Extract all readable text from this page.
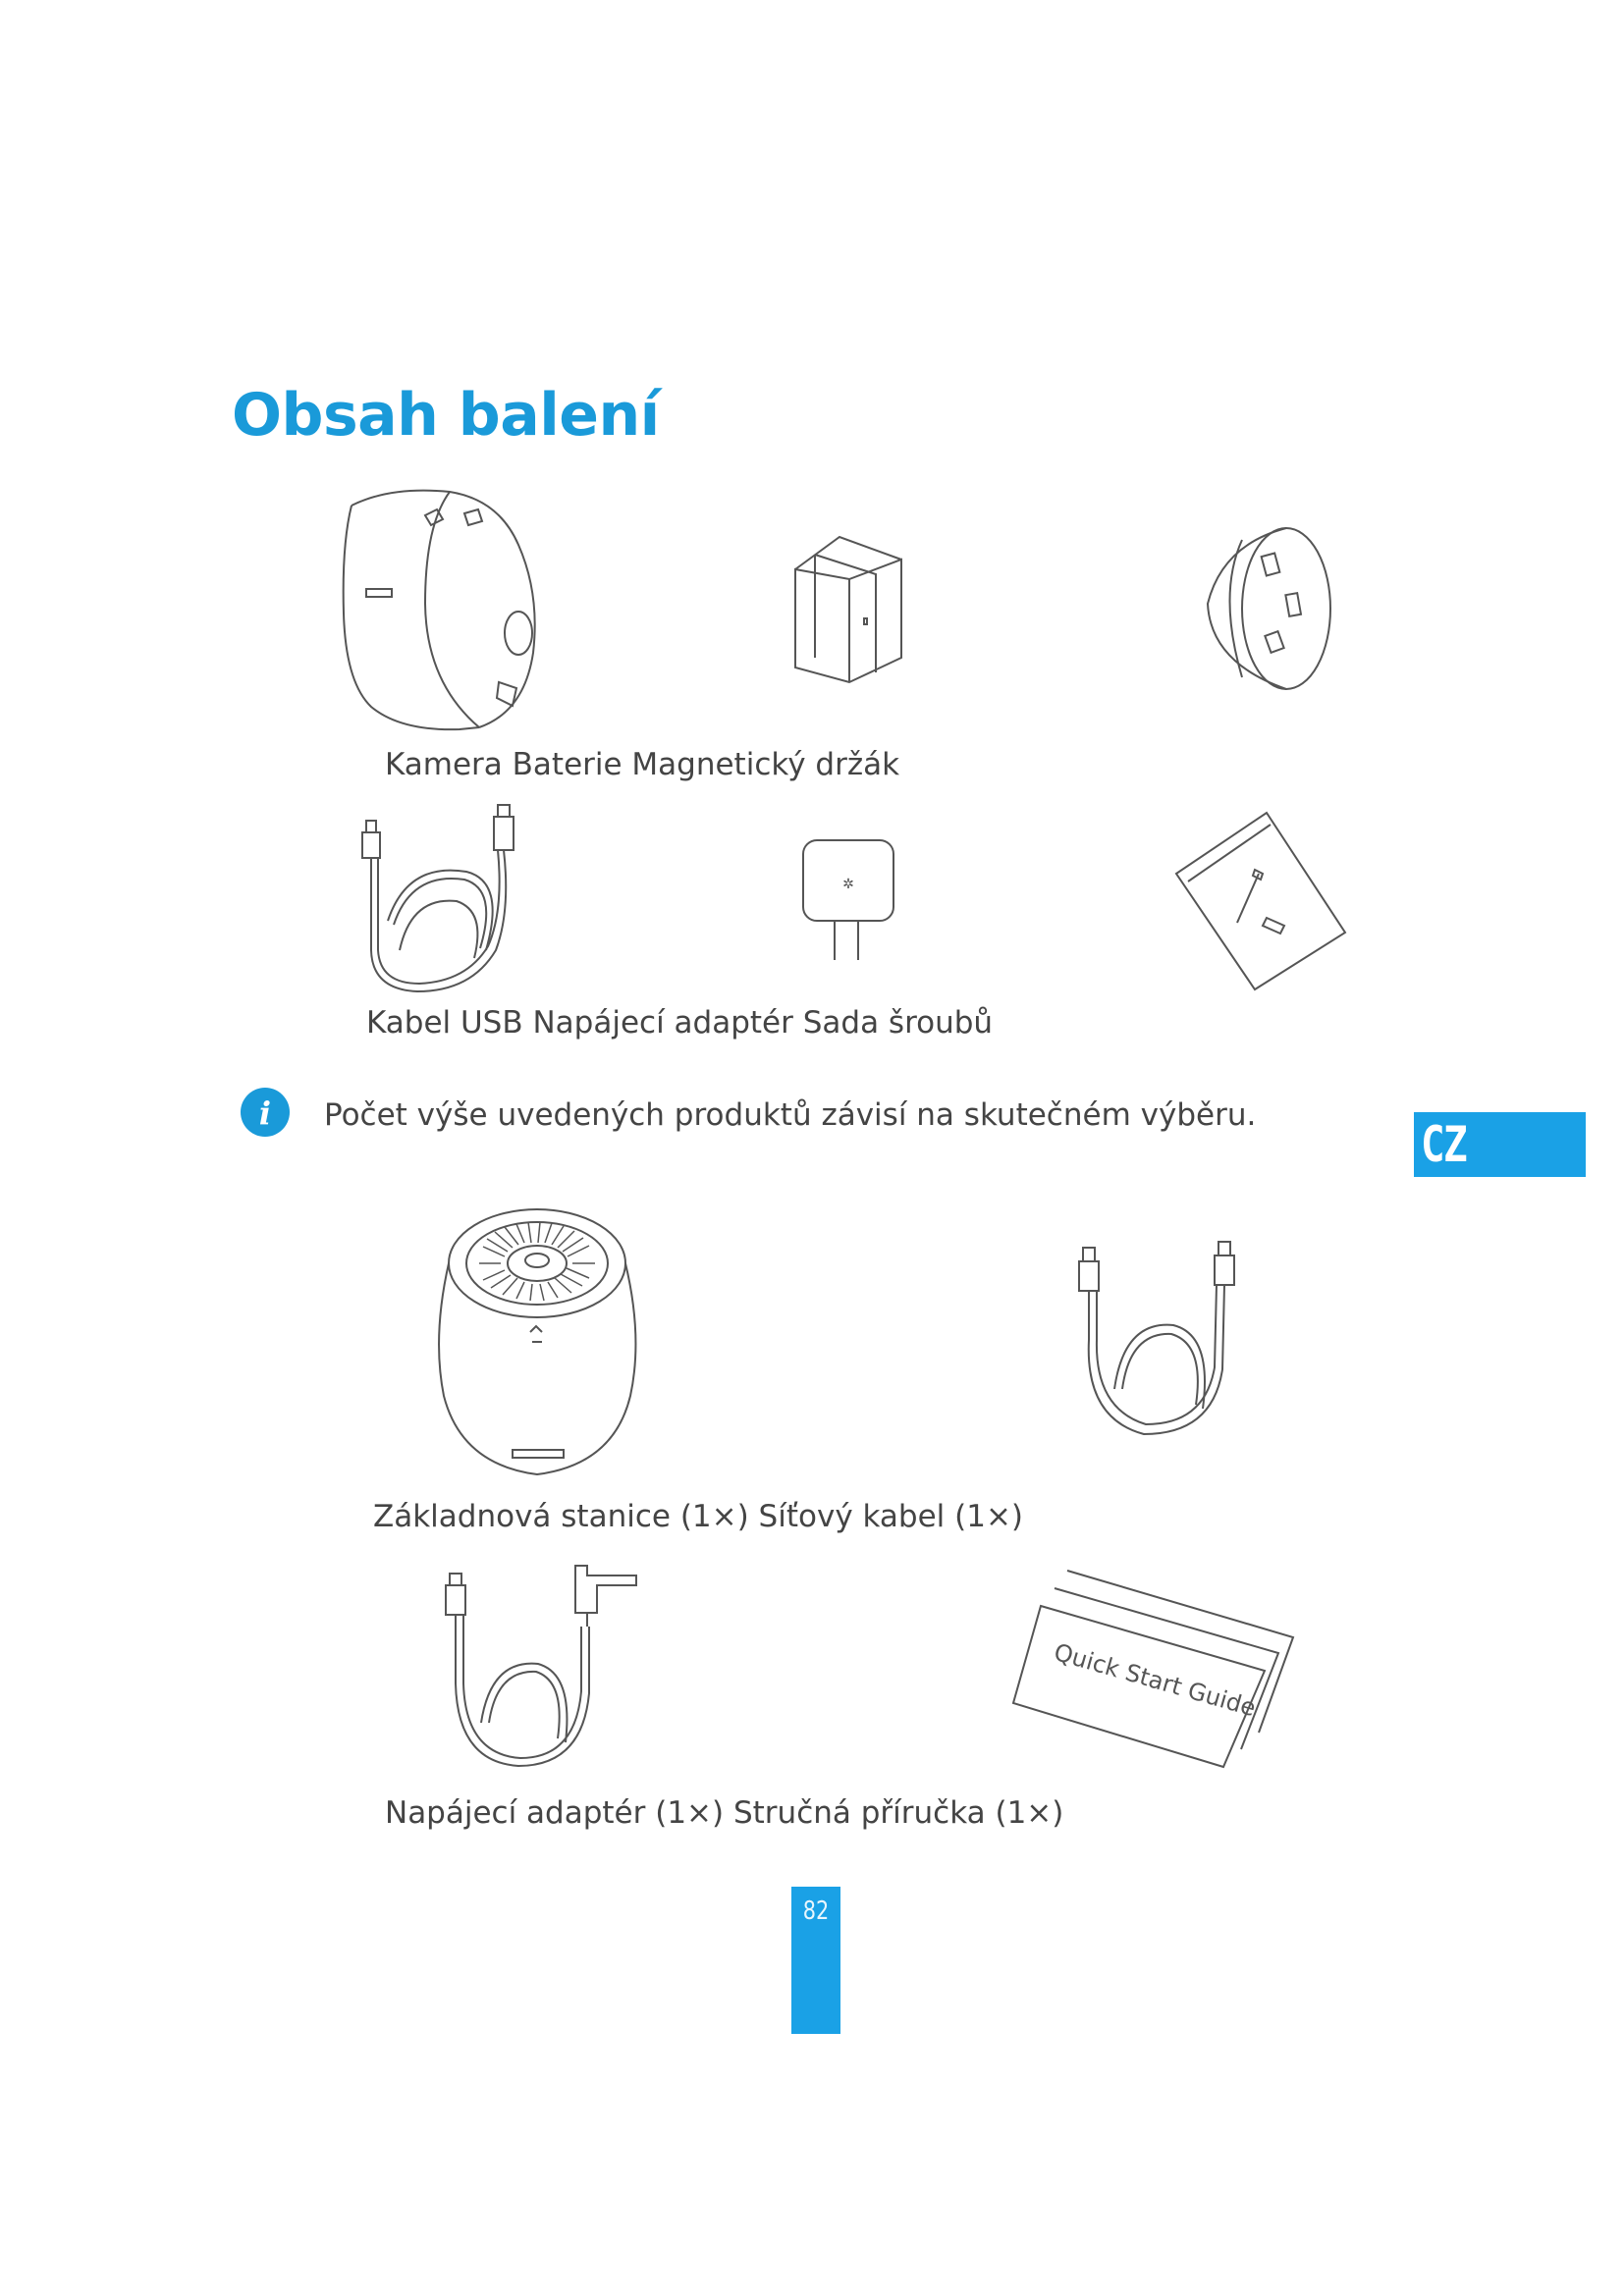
Obsah balení
Kamera Baterie Magnetický držák
✲
Kabel USB Napájecí adaptér Sada šroubů
i Počet výše uvedených produktů závisí na skutečném výběru.
CZ
Základnová stanice (1×) Síťový kabel (1×)
Quick Start Guide
Napájecí adaptér (1×) Stručná příručka (1×)
82
